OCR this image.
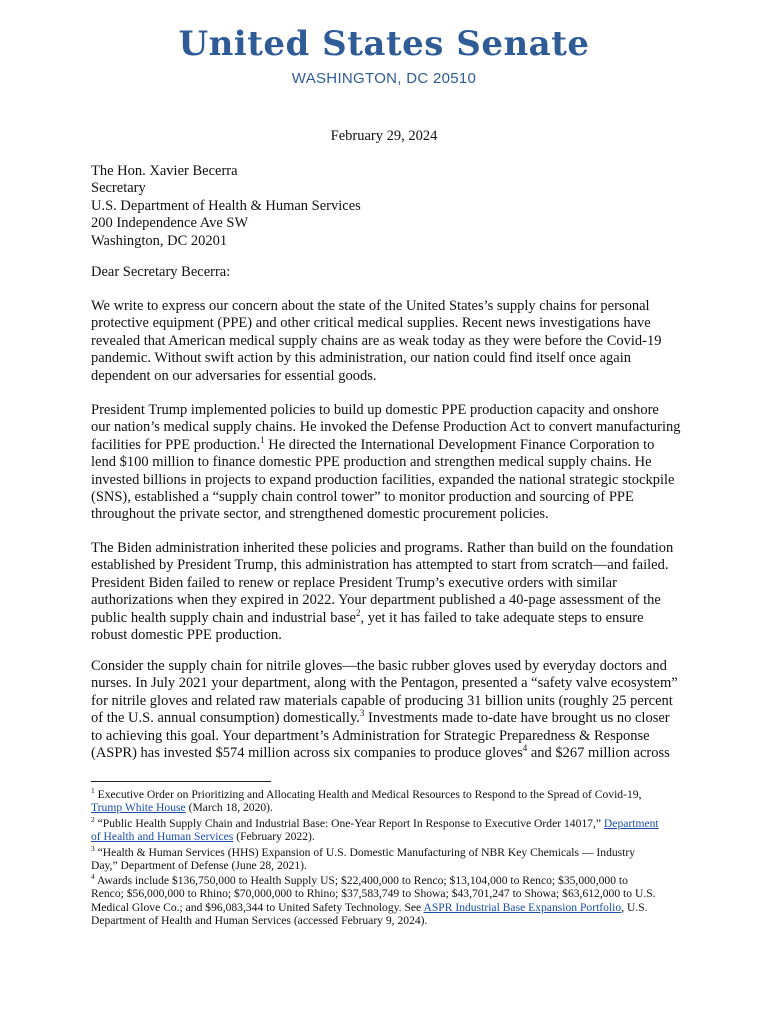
United States Senate
WASHINGTON, DC 20510
February 29, 2024
The Hon. Xavier Becerra
Secretary
U.S. Department of Health & Human Services
200 Independence Ave SW
Washington, DC 20201
Dear Secretary Becerra:

We write to express our concern about the state of the United States’s supply chains for personal
protective equipment (PPE) and other critical medical supplies. Recent news investigations have
revealed that American medical supply chains are as weak today as they were before the Covid-19
pandemic. Without swift action by this administration, our nation could find itself once again
dependent on our adversaries for essential goods.

President Trump implemented policies to build up domestic PPE production capacity and onshore
our nation’s medical supply chains. He invoked the Defense Production Act to convert manufacturing
facilities for PPE production.$^1$ He directed the International Development Finance Corporation to
lend $100 million to finance domestic PPE production and strengthen medical supply chains. He
invested billions in projects to expand production facilities, expanded the national strategic stockpile
(SNS), established a “supply chain control tower” to monitor production and sourcing of PPE
throughout the private sector, and strengthened domestic procurement policies.

The Biden administration inherited these policies and programs. Rather than build on the foundation
established by President Trump, this administration has attempted to start from scratch—and failed.
President Biden failed to renew or replace President Trump’s executive orders with similar
authorizations when they expired in 2022. Your department published a 40-page assessment of the
public health supply chain and industrial base$^2$, yet it has failed to take adequate steps to ensure
robust domestic PPE production.

Consider the supply chain for nitrile gloves—the basic rubber gloves used by everyday doctors and
nurses. In July 2021 your department, along with the Pentagon, presented a “safety valve ecosystem”
for nitrile gloves and related raw materials capable of producing 31 billion units (roughly 25 percent
of the U.S. annual consumption) domestically.$^3$ Investments made to-date have brought us no closer
to achieving this goal. Your department’s Administration for Strategic Preparedness & Response
(ASPR) has invested $574 million across six companies to produce gloves$^4$ and $267 million across

$^1$ Executive Order on Prioritizing and Allocating Health and Medical Resources to Respond to the Spread of Covid-19,
Trump White House (March 18, 2020).

$^2$ “Public Health Supply Chain and Industrial Base: One-Year Report In Response to Executive Order 14017,” Department
of Health and Human Services (February 2022).

$^3$ “Health & Human Services (HHS) Expansion of U.S. Domestic Manufacturing of NBR Key Chemicals — Industry
Day,” Department of Defense (June 28, 2021).

$^4$ Awards include $136,750,000 to Health Supply US; $22,400,000 to Renco; $13,104,000 to Renco; $35,000,000 to
Renco; $56,000,000 to Rhino; $70,000,000 to Rhino; $37,583,749 to Showa; $43,701,247 to Showa; $63,612,000 to U.S.
Medical Glove Co.; and $96,083,344 to United Safety Technology. See ASPR Industrial Base Expansion Portfolio, U.S.
Department of Health and Human Services (accessed February 9, 2024).
